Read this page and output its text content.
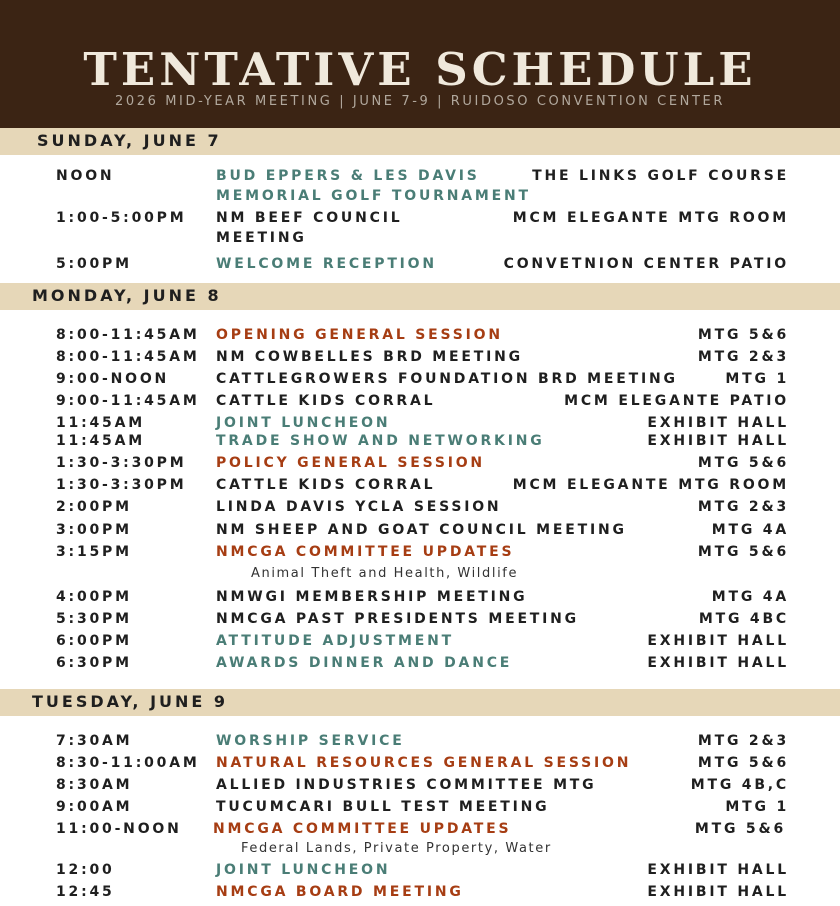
TENTATIVE SCHEDULE
2026 MID-YEAR MEETING | JUNE 7-9 | RUIDOSO CONVENTION CENTER
SUNDAY, JUNE 7
NOON	BUD EPPERS & LES DAVIS	THE LINKS GOLF COURSE
MEMORIAL GOLF TOURNAMENT
1:00-5:00PM NM BEEF COUNCIL	MCM ELEGANTE MTG ROOM
MEETING
5:00PM	WELCOME RECEPTION	CONVETNION CENTER PATIO
MONDAY, JUNE 8
8:00-11:45AM OPENING GENERAL SESSION	MTG 5&6
8:00-11:45AM NM COWBELLES BRD MEETING	MTG 2&3
9:00-NOON	CATTLEGROWERS FOUNDATION BRD MEETING	MTG 1
9:00-11:45AM CATTLE KIDS CORRAL	MCM ELEGANTE PATIO
11:45AM	JOINT LUNCHEON	EXHIBIT HALL
11:45AM	TRADE SHOW AND NETWORKING	EXHIBIT HALL
1:30-3:30PM POLICY GENERAL SESSION	MTG 5&6
1:30-3:30PM CATTLE KIDS CORRAL	MCM ELEGANTE MTG ROOM
2:00PM	LINDA DAVIS YCLA SESSION	MTG 2&3
3:00PM	NM SHEEP AND GOAT COUNCIL MEETING	MTG 4A
3:15PM	NMCGA COMMITTEE UPDATES	MTG 5&6
Animal Theft and Health, Wildlife
4:00PM	NMWGI MEMBERSHIP MEETING	MTG 4A
5:30PM	NMCGA PAST PRESIDENTS MEETING	MTG 4BC
6:00PM	ATTITUDE ADJUSTMENT	EXHIBIT HALL
6:30PM	AWARDS DINNER AND DANCE	EXHIBIT HALL
TUESDAY, JUNE 9
7:30AM	WORSHIP SERVICE	MTG 2&3
8:30-11:00AM NATURAL RESOURCES GENERAL SESSION	MTG 5&6
8:30AM	ALLIED INDUSTRIES COMMITTEE MTG	MTG 4B,C
9:00AM	TUCUMCARI BULL TEST MEETING	MTG 1
11:00-NOON NMCGA COMMITTEE UPDATES	MTG 5&6
Federal Lands, Private Property, Water
12:00	JOINT LUNCHEON	EXHIBIT HALL
12:45	NMCGA BOARD MEETING	EXHIBIT HALL
